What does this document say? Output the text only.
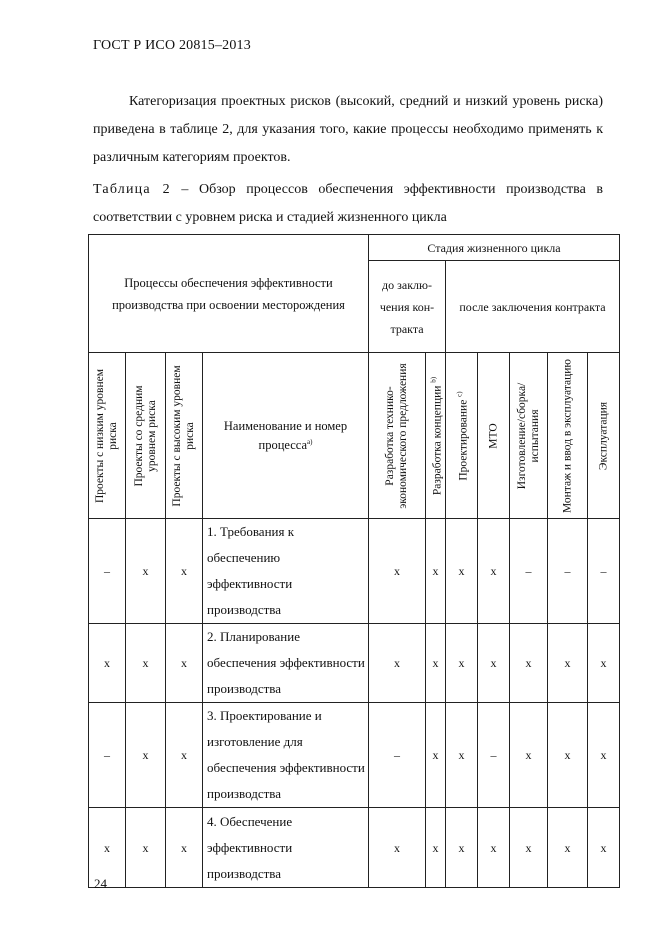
ГОСТ Р ИСО 20815–2013

Категоризация проектных рисков (высокий, средний и низкий уровень риска) приведена в таблице 2, для указания того, какие процессы необходимо применять к различным категориям проектов.

Таблица 2 – Обзор процессов обеспечения эффективности производства в соответствии с уровнем риска и стадией жизненного цикла
Процессы обеспечения эффективности производства при освоении месторождения				Стадия жизненного цикла						
				до заклю-чения кон-тракта		после заключения контракта				

Проекты с низким уровнем риска	Проекты со средним уровнем риска	Проекты с высоким уровнем риска	Наименование и номер процесса$^{a)}$	Разработка технико-экономического предложения	Разработка концепции $^{b)}$	Проектирование $^{c)}$	МТО	Изготовление/сборка/ испытания	Монтаж и ввод в эксплуатацию	Эксплуатация

–	x	x	1. Требования к обеспечению эффективности производства	x	x	x	x	–	–	–
x	x	x	2. Планирование обеспечения эффективности производства	x	x	x	x	x	x	x
–	x	x	3. Проектирование и изготовление для обеспечения эффективности производства	–	x	x	–	x	x	x
x	x	x	4. Обеспечение эффективности производства	x	x	x	x	x	x	x
24
